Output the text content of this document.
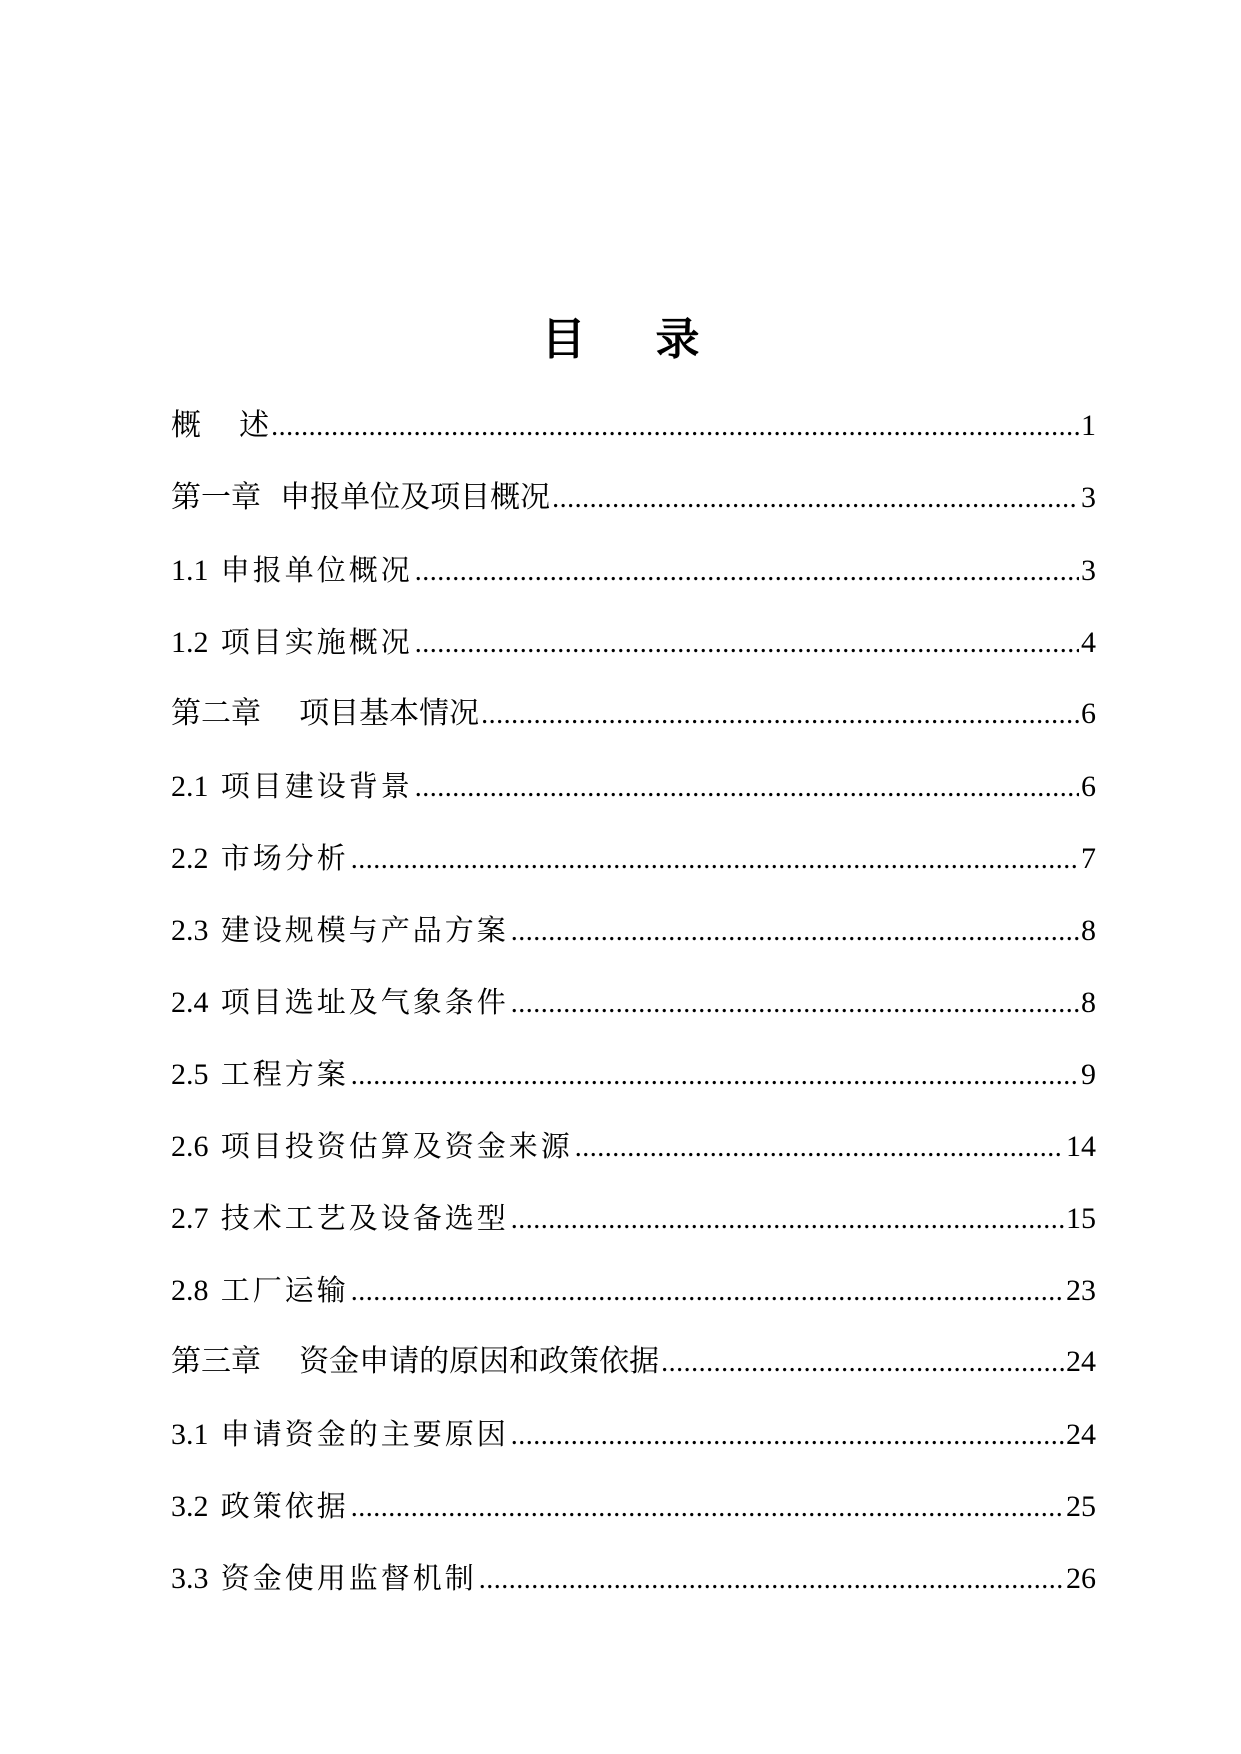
目 录
概    述 .....	1
第一章  申报单位及项目概况 .....	3
1.1 申报单位概况 .....	3
1.2 项目实施概况 .....	4
第二章    项目基本情况 .....	6
2.1 项目建设背景 .....	6
2.2 市场分析 .....	7
2.3 建设规模与产品方案 .....	8
2.4 项目选址及气象条件 .....	8
2.5 工程方案 .....	9
2.6 项目投资估算及资金来源 .....	14
2.7 技术工艺及设备选型 .....	15
2.8 工厂运输 .....	23
第三章    资金申请的原因和政策依据 .....	24
3.1 申请资金的主要原因 .....	24
3.2 政策依据 .....	25
3.3 资金使用监督机制 .....	26
